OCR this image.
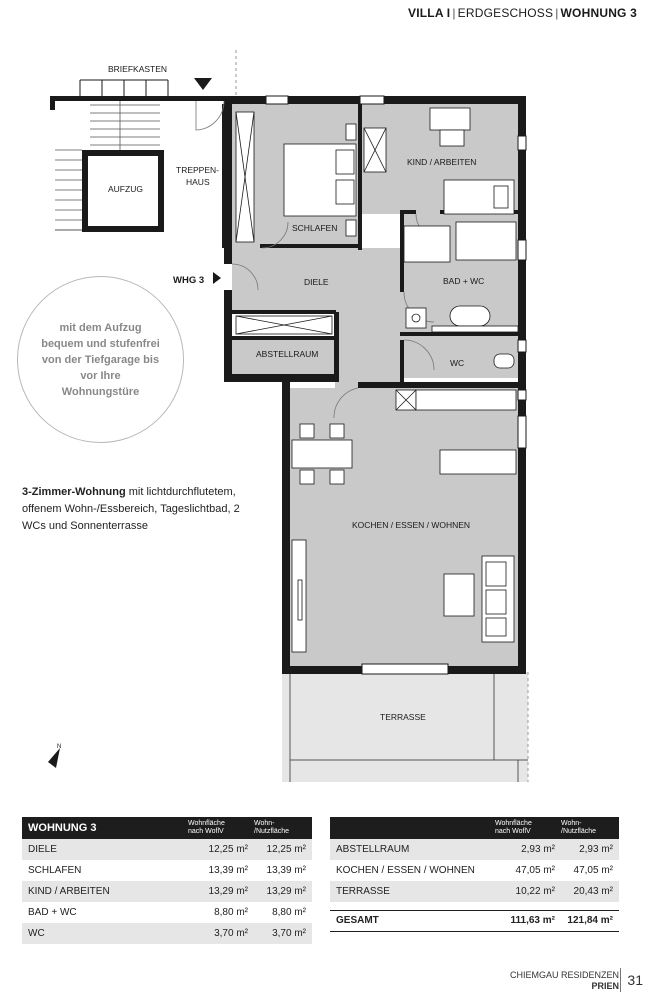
VILLA I | ERDGESCHOSS | WOHNUNG 3
BRIEFKASTEN
AUFZUG
TREPPEN-
HAUS
SCHLAFEN
KIND / ARBEITEN
WHG 3	DIELE	BAD + WC
ABSTELLRAUM
WC
KOCHEN / ESSEN / WOHNEN
TERRASSE
N
mit dem Aufzug bequem und stufenfrei von der Tiefgarage bis vor Ihre Wohnungstüre
3-Zimmer-Wohnung mit lichtdurchflutetem, offenem Wohn-/Essbereich, Tageslichtbad, 2 WCs und Sonnenterrasse
WOHNUNG 3	Wohnfläche
nach WoflV	Wohn-
/Nutzfläche
DIELE	12,25 m²	12,25 m²
SCHLAFEN	13,39 m²	13,39 m²
KIND / ARBEITEN	13,29 m²	13,29 m²
BAD + WC	8,80 m²	8,80 m²
WC	3,70 m²	3,70 m²
	Wohnfläche
nach WoflV	Wohn-
/Nutzfläche
ABSTELLRAUM	2,93 m²	2,93 m²
KOCHEN / ESSEN / WOHNEN	47,05 m²	47,05 m²
TERRASSE	10,22 m²	20,43 m²

GESAMT	111,63 m²	121,84 m²
CHIEMGAU RESIDENZEN
PRIEN 31
